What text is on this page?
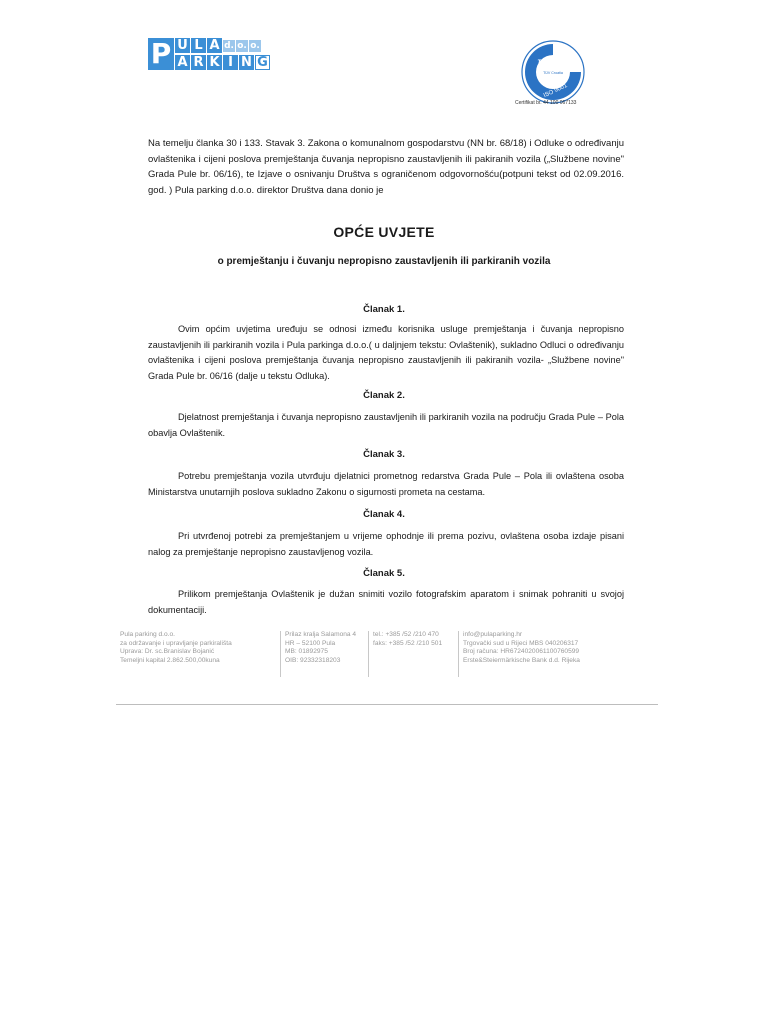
P U L A d. o. o.
A R K I N G	TÜV NORD
TÜV Croatia
ISO 9001
Certifikat br. 44 100 067133
Na temelju članka 30 i 133. Stavak 3. Zakona o komunalnom gospodarstvu (NN br. 68/18) i Odluke o određivanju ovlaštenika i cijeni poslova premještanja čuvanja nepropisno zaustavljenih ili pakiranih vozila („Službene novine" Grada Pule br. 06/16), te Izjave o osnivanju Društva s ograničenom odgovornošću(potpuni tekst od 02.09.2016. god. ) Pula parking d.o.o. direktor Društva dana donio je
OPĆE UVJETE
o premještanju i čuvanju nepropisno zaustavljenih ili parkiranih vozila
Članak 1.
Ovim općim uvjetima uređuju se odnosi između korisnika usluge premještanja i čuvanja nepropisno zaustavljenih ili parkiranih vozila i Pula parkinga d.o.o.( u daljnjem tekstu: Ovlaštenik), sukladno Odluci o određivanju ovlaštenika i cijeni poslova premještanja čuvanja nepropisno zaustavljenih ili pakiranih vozila- „Službene novine" Grada Pule br. 06/16 (dalje u tekstu Odluka).
Članak 2.
Djelatnost premještanja i čuvanja nepropisno zaustavljenih ili parkiranih vozila na području Grada Pule – Pola obavlja Ovlaštenik.
Članak 3.
Potrebu premještanja vozila utvrđuju djelatnici prometnog redarstva Grada Pule – Pola ili ovlaštena osoba Ministarstva unutarnjih poslova sukladno Zakonu o sigurnosti prometa na cestama.
Članak 4.
Pri utvrđenoj potrebi za premještanjem u vrijeme ophodnje ili prema pozivu, ovlaštena osoba izdaje pisani nalog za premještanje nepropisno zaustavljenog vozila.
Članak 5.
Prilikom premještanja Ovlaštenik je dužan snimiti vozilo fotografskim aparatom i snimak pohraniti u svojoj dokumentaciji.
Pula parking d.o.o.
za održavanje i upravljanje parkirališta
Uprava: Dr. sc.Branislav Bojanić
Temeljni kapital 2.862.500,00kuna
Prilaz kralja Salamona 4
HR – 52100 Pula
MB: 01892975
OIB: 92332318203
tel.: +385 /52 /210 470
faks: +385 /52 /210 501
info@pulaparking.hr
Trgovački sud u Rijeci MBS 040206317
Broj računa: HR6724020061100760599
Erste&Steiermärkische Bank d.d. Rijeka
